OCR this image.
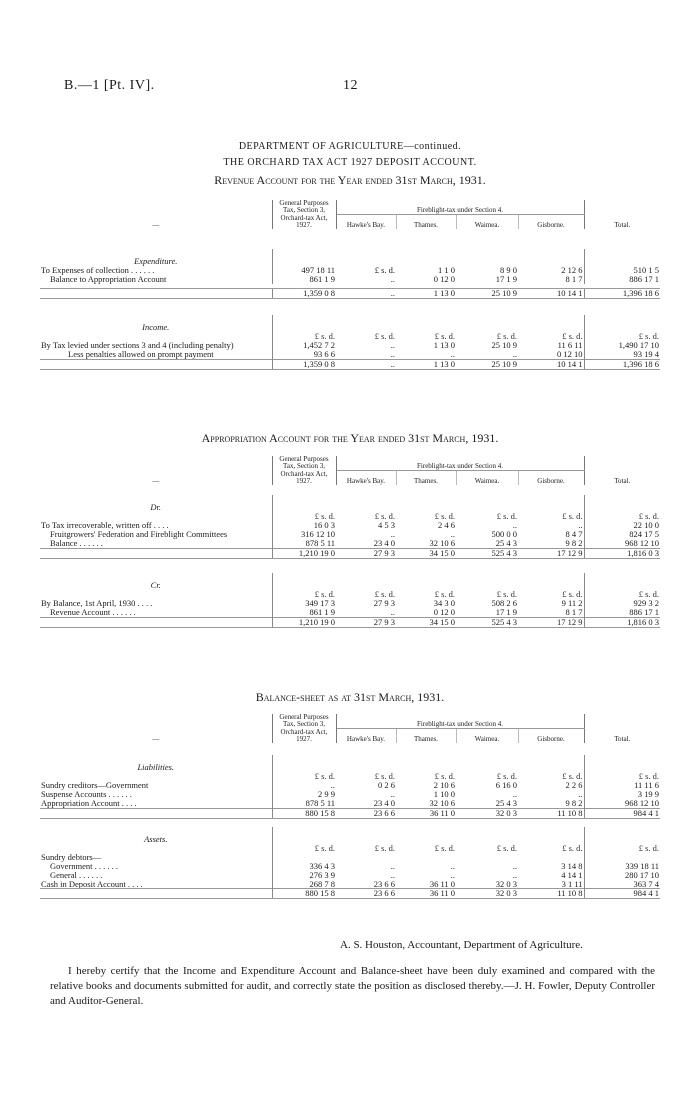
B.—1 [Pt. IV].	12
DEPARTMENT OF AGRICULTURE—continued.
THE ORCHARD TAX ACT 1927 DEPOSIT ACCOUNT.
Revenue Account for the Year ended 31st March, 1931.
—	General Purposes
Tax, Section 3,
Orchard-tax Act,
1927.	Fireblight-tax under Section 4.				Total.
		Hawke's Bay.	Thames.	Waimea.	Gisborne.	

Expenditure.						
To Expenses of collection . . . . . .	497 18 11	£ s. d.	1 1 0	8 9 0	2 12 6	510 1 5
Balance to Appropriation Account	861 1 9	..	0 12 0	17 1 9	8 1 7	886 17 1

	1,359 0 8	..	1 13 0	25 10 9	10 14 1	1,396 18 6

Income.						
	£ s. d.	£ s. d.	£ s. d.	£ s. d.	£ s. d.	£ s. d.
By Tax levied under sections 3 and 4 (including penalty)	1,452 7 2	..	1 13 0	25 10 9	11 6 11	1,490 17 10
Less penalties allowed on prompt payment	93 6 6	..	..	..	0 12 10	93 19 4
	1,359 0 8	..	1 13 0	25 10 9	10 14 1	1,396 18 6
Appropriation Account for the Year ended 31st March, 1931.
—	General Purposes
Tax, Section 3,
Orchard-tax Act,
1927.	Fireblight-tax under Section 4.				Total.
		Hawke's Bay.	Thames.	Waimea.	Gisborne.	

Dr.						
	£ s. d.	£ s. d.	£ s. d.	£ s. d.	£ s. d.	£ s. d.
To Tax irrecoverable, written off . . . .	16 0 3	4 5 3	2 4 6	..	..	22 10 0
Fruitgrowers' Federation and Fireblight Committees	316 12 10	..	..	500 0 0	8 4 7	824 17 5
Balance . . . . . .	878 5 11	23 4 0	32 10 6	25 4 3	9 8 2	968 12 10
	1,210 19 0	27 9 3	34 15 0	525 4 3	17 12 9	1,816 0 3

Cr.						
	£ s. d.	£ s. d.	£ s. d.	£ s. d.	£ s. d.	£ s. d.
By Balance, 1st April, 1930 . . . .	349 17 3	27 9 3	34 3 0	508 2 6	9 11 2	929 3 2
Revenue Account . . . . . .	861 1 9	..	0 12 0	17 1 9	8 1 7	886 17 1
	1,210 19 0	27 9 3	34 15 0	525 4 3	17 12 9	1,816 0 3
Balance-sheet as at 31st March, 1931.
—	General Purposes
Tax, Section 3,
Orchard-tax Act,
1927.	Fireblight-tax under Section 4.				Total.
		Hawke's Bay.	Thames.	Waimea.	Gisborne.	

Liabilities.						
	£ s. d.	£ s. d.	£ s. d.	£ s. d.	£ s. d.	£ s. d.
Sundry creditors—Government	..	0 2 6	2 10 6	6 16 0	2 2 6	11 11 6
Suspense Accounts . . . . . .	2 9 9	..	1 10 0	..	..	3 19 9
Appropriation Account . . . .	878 5 11	23 4 0	32 10 6	25 4 3	9 8 2	968 12 10
	880 15 8	23 6 6	36 11 0	32 0 3	11 10 8	984 4 1

Assets.						
	£ s. d.	£ s. d.	£ s. d.	£ s. d.	£ s. d.	£ s. d.
Sundry debtors—						
Government . . . . . .	336 4 3	..	..	..	3 14 8	339 18 11
General . . . . . .	276 3 9	..	..	..	4 14 1	280 17 10
Cash in Deposit Account . . . .	268 7 8	23 6 6	36 11 0	32 0 3	3 1 11	363 7 4
	880 15 8	23 6 6	36 11 0	32 0 3	11 10 8	984 4 1
A. S. Houston, Accountant, Department of Agriculture.
I hereby certify that the Income and Expenditure Account and Balance-sheet have been duly examined and compared with the relative books and documents submitted for audit, and correctly state the position as disclosed thereby.—J. H. Fowler, Deputy Controller and Auditor-General.
